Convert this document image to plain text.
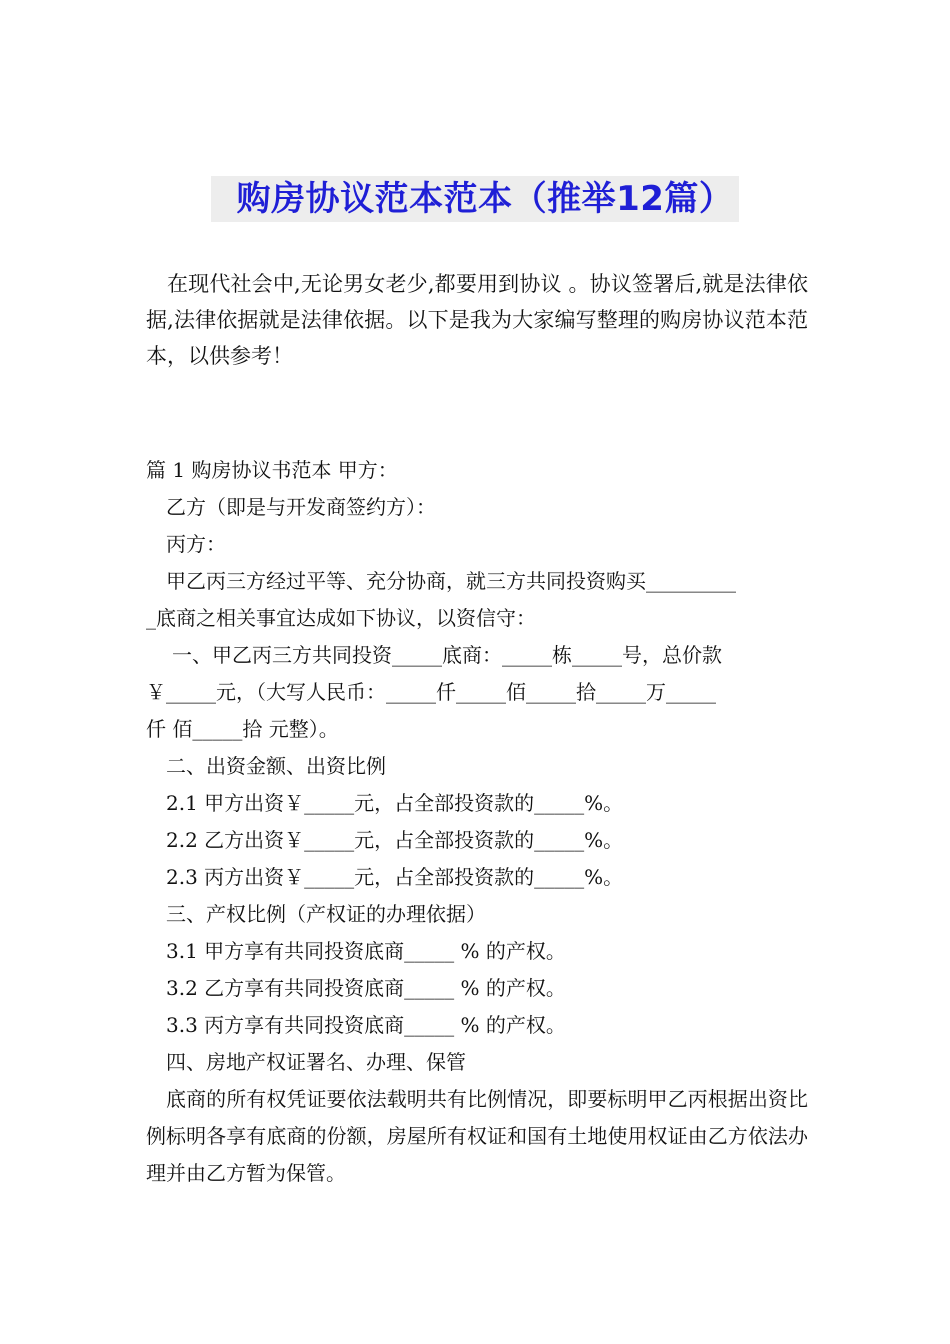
购房协议范本范本（推举12篇）
在现代社会中,无论男女老少,都要用到协议 。协议签署后,就是法律依据,法律依据就是法律依据。以下是我为大家编写整理的购房协议范本范本，以供参考！
篇 1 购房协议书范本 甲方：
乙方（即是与开发商签约方）：
丙方：
甲乙丙三方经过平等、充分协商，就三方共同投资购买_________
_底商之相关事宜达成如下协议，以资信守：
一、甲乙丙三方共同投资_____底商：_____栋_____号，总价款
￥_____元，（大写人民币：_____仟_____佰_____拾_____万_____
仟 佰_____拾 元整）。
二、出资金额、出资比例
2.1 甲方出资￥_____元，占全部投资款的_____%。
2.2 乙方出资￥_____元，占全部投资款的_____%。
2.3 丙方出资￥_____元，占全部投资款的_____%。
三、产权比例（产权证的办理依据）
3.1 甲方享有共同投资底商_____ % 的产权。
3.2 乙方享有共同投资底商_____ % 的产权。
3.3 丙方享有共同投资底商_____ % 的产权。
四、房地产权证署名、办理、保管
底商的所有权凭证要依法载明共有比例情况，即要标明甲乙丙根据出资比例标明各享有底商的份额，房屋所有权证和国有土地使用权证由乙方依法办理并由乙方暂为保管。
